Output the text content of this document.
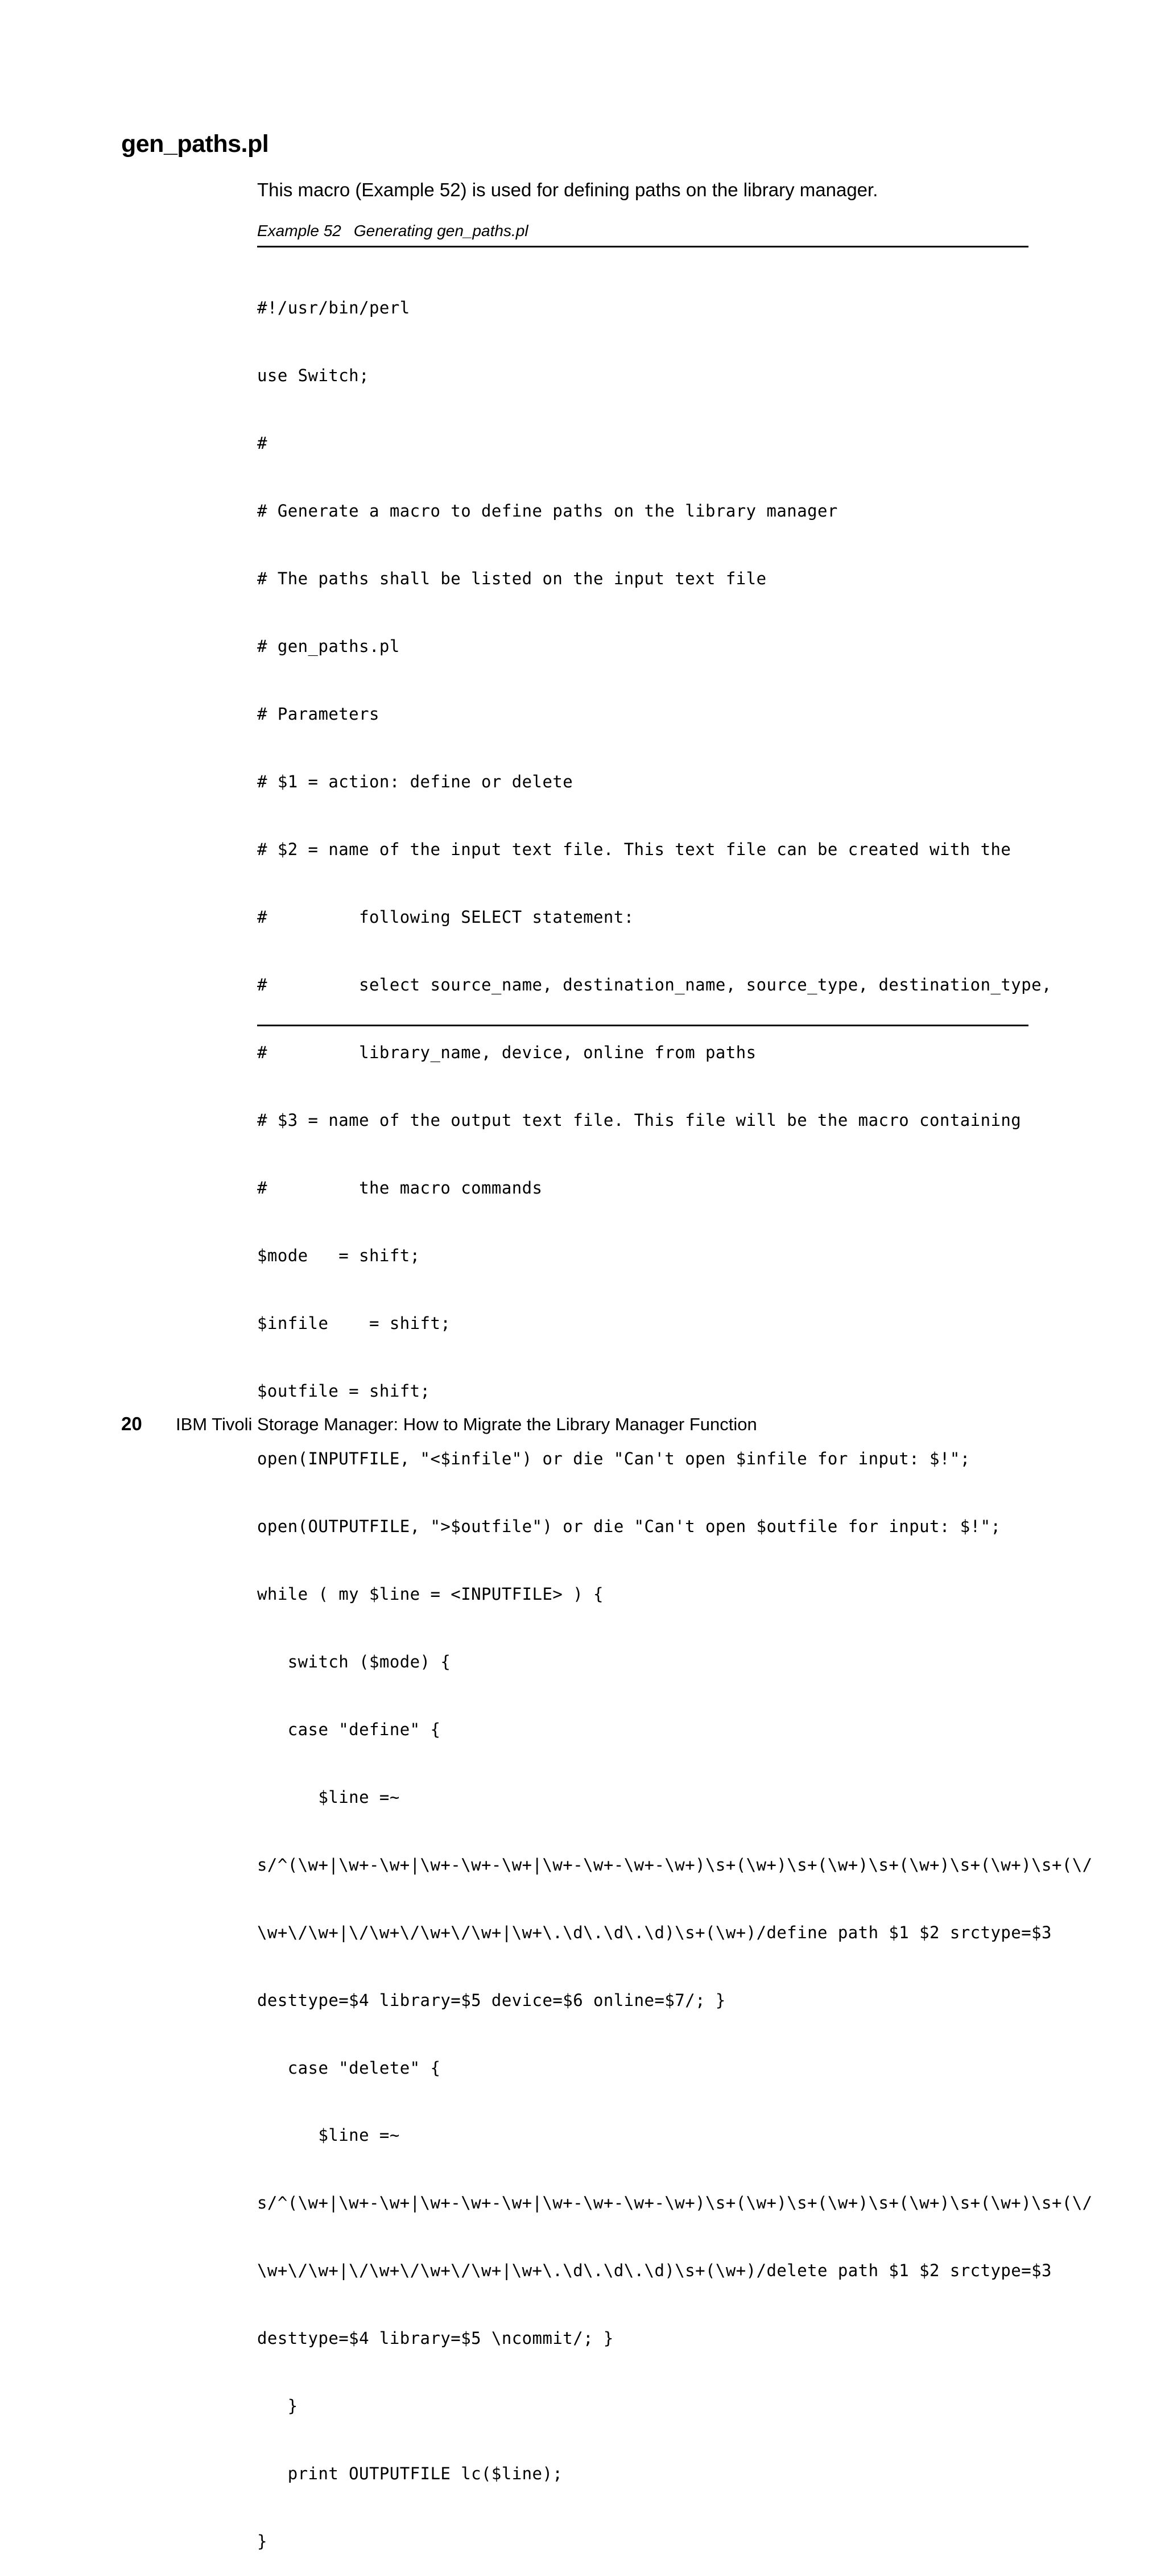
gen_paths.pl

This macro (Example 52) is used for defining paths on the library manager.

Example 52 Generating gen_paths.pl

#!/usr/bin/perl

use Switch;

#

# Generate a macro to define paths on the library manager

# The paths shall be listed on the input text file

# gen_paths.pl

# Parameters

# $1 = action: define or delete

# $2 = name of the input text file. This text file can be created with the

#         following SELECT statement:

#         select source_name, destination_name, source_type, destination_type,

#         library_name, device, online from paths

# $3 = name of the output text file. This file will be the macro containing

#         the macro commands

$mode   = shift;

$infile    = shift;

$outfile = shift;

open(INPUTFILE, "<$infile") or die "Can't open $infile for input: $!";

open(OUTPUTFILE, ">$outfile") or die "Can't open $outfile for input: $!";

while ( my $line = <INPUTFILE> ) {

switch ($mode) {

case "define" {

$line =~

s/^(\w+|\w+-\w+|\w+-\w+-\w+|\w+-\w+-\w+-\w+)\s+(\w+)\s+(\w+)\s+(\w+)\s+(\w+)\s+(\/

\w+\/\w+|\/\w+\/\w+\/\w+|\w+\.\d\.\d\.\d)\s+(\w+)/define path $1 $2 srctype=$3

desttype=$4 library=$5 device=$6 online=$7/; }

case "delete" {

$line =~

s/^(\w+|\w+-\w+|\w+-\w+-\w+|\w+-\w+-\w+-\w+)\s+(\w+)\s+(\w+)\s+(\w+)\s+(\w+)\s+(\/

\w+\/\w+|\/\w+\/\w+\/\w+|\w+\.\d\.\d\.\d)\s+(\w+)/delete path $1 $2 srctype=$3

desttype=$4 library=$5 \ncommit/; }

}

print OUTPUTFILE lc($line);

}

20 IBM Tivoli Storage Manager: How to Migrate the Library Manager Function
